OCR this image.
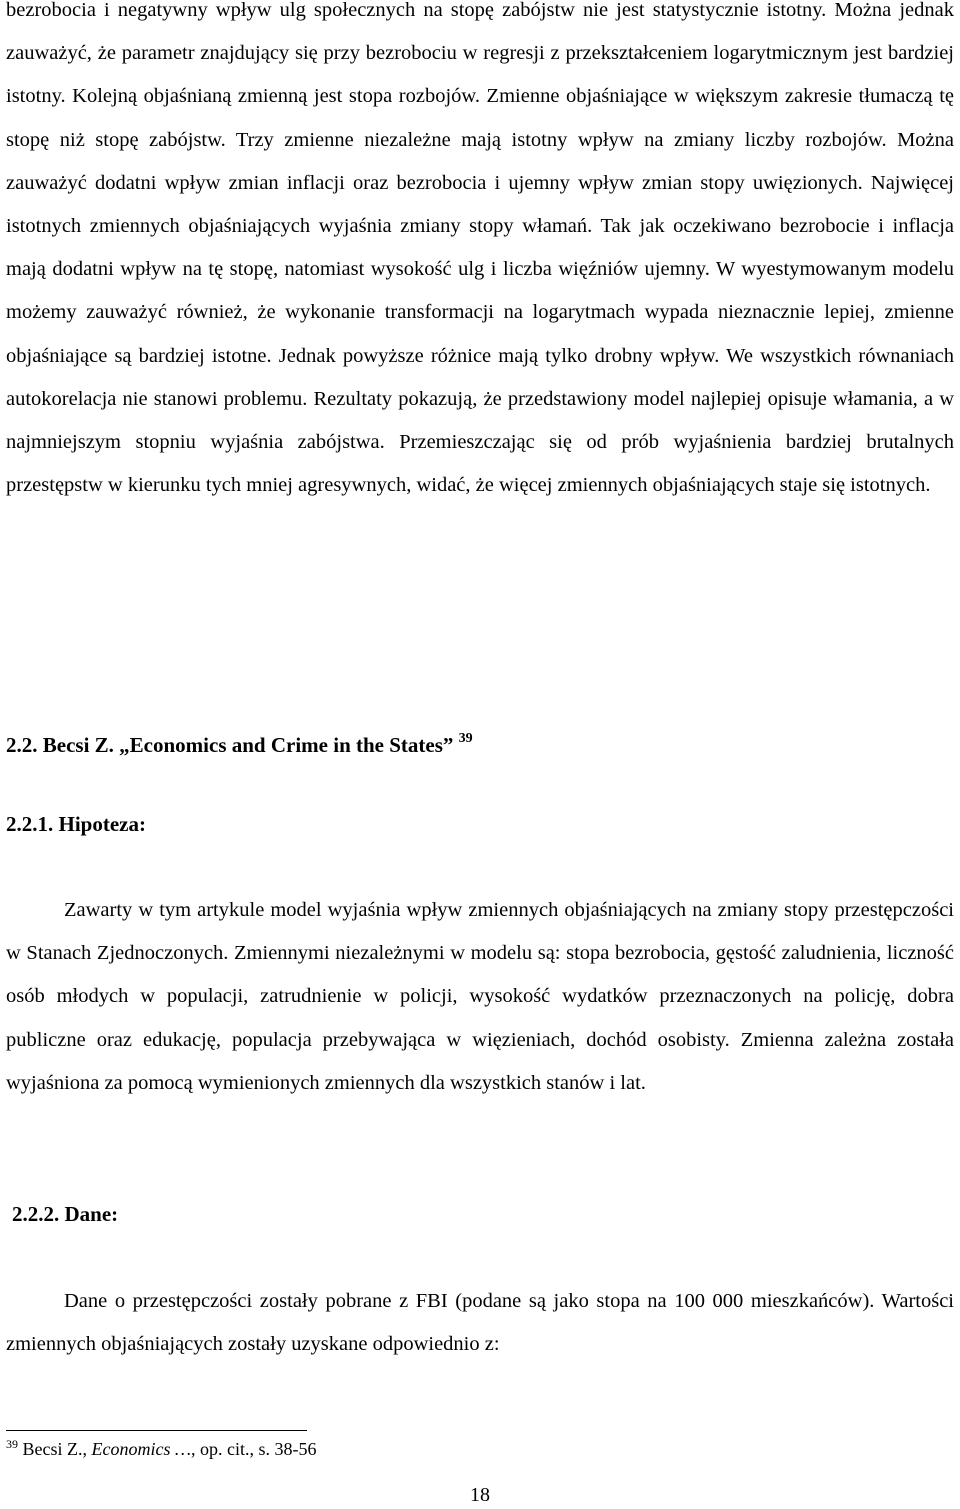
bezrobocia i negatywny wpływ ulg społecznych na stopę zabójstw nie jest statystycznie istotny. Można jednak zauważyć, że parametr znajdujący się przy bezrobociu w regresji z przekształceniem logarytmicznym jest bardziej istotny. Kolejną objaśnianą zmienną jest stopa rozbojów. Zmienne objaśniające w większym zakresie tłumaczą tę stopę niż stopę zabójstw. Trzy zmienne niezależne mają istotny wpływ na zmiany liczby rozbojów. Można zauważyć dodatni wpływ zmian inflacji oraz bezrobocia i ujemny wpływ zmian stopy uwięzionych. Najwięcej istotnych zmiennych objaśniających wyjaśnia zmiany stopy włamań. Tak jak oczekiwano bezrobocie i inflacja mają dodatni wpływ na tę stopę, natomiast wysokość ulg i liczba więźniów ujemny. W wyestymowanym modelu możemy zauważyć również, że wykonanie transformacji na logarytmach wypada nieznacznie lepiej, zmienne objaśniające są bardziej istotne. Jednak powyższe różnice mają tylko drobny wpływ. We wszystkich równaniach autokorelacja nie stanowi problemu. Rezultaty pokazują, że przedstawiony model najlepiej opisuje włamania, a w najmniejszym stopniu wyjaśnia zabójstwa. Przemieszczając się od prób wyjaśnienia bardziej brutalnych przestępstw w kierunku tych mniej agresywnych, widać, że więcej zmiennych objaśniających staje się istotnych.

2.2. Becsi Z. „Economics and Crime in the States” $^{39}$
2.2.1. Hipoteza:

Zawarty w tym artykule model wyjaśnia wpływ zmiennych objaśniających na zmiany stopy przestępczości w Stanach Zjednoczonych. Zmiennymi niezależnymi w modelu są: stopa bezrobocia, gęstość zaludnienia, liczność osób młodych w populacji, zatrudnienie w policji, wysokość wydatków przeznaczonych na policję, dobra publiczne oraz edukację, populacja przebywająca w więzieniach, dochód osobisty. Zmienna zależna została wyjaśniona za pomocą wymienionych zmiennych dla wszystkich stanów i lat.

2.2.2. Dane:

Dane o przestępczości zostały pobrane z FBI (podane są jako stopa na 100 000 mieszkańców). Wartości zmiennych objaśniających zostały uzyskane odpowiednio z:

$^{39}$ Becsi Z., Economics …, op. cit., s. 38-56

18
